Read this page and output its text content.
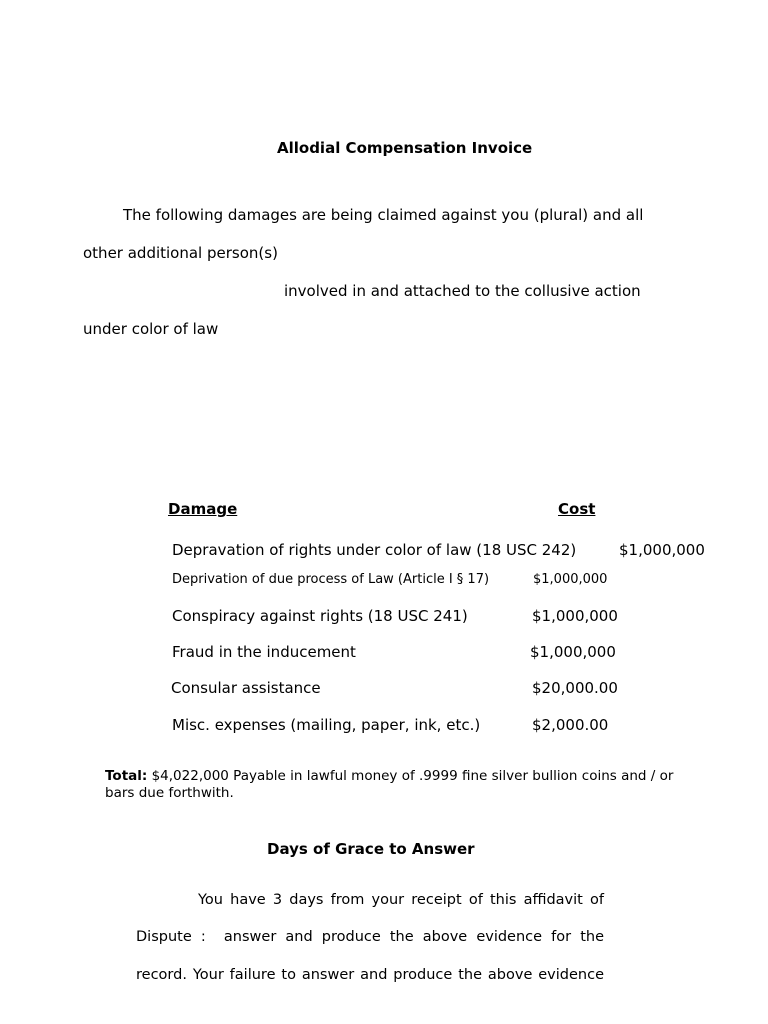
Allodial Compensation Invoice
The following damages are being claimed against you (plural) and all
other additional person(s)
involved in and attached to the collusive action
under color of law
Damage	Cost
Depravation of rights under color of law (18 USC 242)	$1,000,000
Deprivation of due process of Law (Article I § 17)	$1,000,000
Conspiracy against rights (18 USC 241)	$1,000,000
Fraud in the inducement	$1,000,000
Consular assistance	$20,000.00
Misc. expenses (mailing, paper, ink, etc.)	$2,000.00
Total: $4,022,000 Payable in lawful money of .9999 fine silver bullion coins and / or bars due forthwith.
Days of Grace to Answer
You have 3 days from your receipt of this affidavit of
Dispute :  answer and produce the above evidence for the
record. Your failure to answer and produce the above evidence
